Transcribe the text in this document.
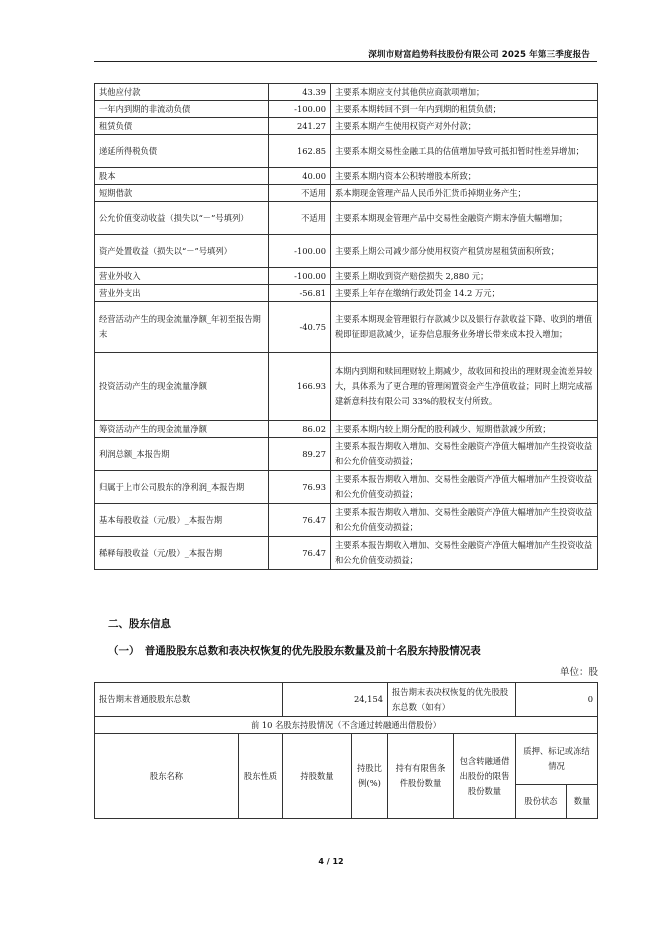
深圳市财富趋势科技股份有限公司 2025 年第三季度报告
其他应付款	43.39	主要系本期应支付其他供应商款项增加；
一年内到期的非流动负债	-100.00	主要系本期转回不到一年内到期的租赁负债；
租赁负债	241.27	主要系本期产生使用权资产对外付款；
递延所得税负债	162.85	主要系本期交易性金融工具的估值增加导致可抵扣暂时性差异增加；
股本	40.00	主要系本期内资本公积转增股本所致；
短期借款	不适用	系本期现金管理产品人民币外汇货币掉期业务产生；
公允价值变动收益（损失以“－”号填列）	不适用	主要系本期现金管理产品中交易性金融资产期末净值大幅增加；
资产处置收益（损失以“－”号填列）	-100.00	主要系上期公司减少部分使用权资产租赁房屋租赁面积所致；
营业外收入	-100.00	主要系上期收到资产赔偿损失 2,880 元；
营业外支出	-56.81	主要系上年存在缴纳行政处罚金 14.2 万元；
经营活动产生的现金流量净额_年初至报告期末	-40.75	主要系本期现金管理银行存款减少以及银行存款收益下降、收到的增值税即征即退款减少，证券信息服务业务增长带来成本投入增加；
投资活动产生的现金流量净额	166.93	本期内到期和赎回理财较上期减少，故收回和投出的理财现金流差异较大，具体系为了更合理的管理闲置资金产生净值收益；同时上期完成福建新意科技有限公司 33%的股权支付所致。
筹资活动产生的现金流量净额	86.02	主要系本期内较上期分配的股利减少、短期借款减少所致；
利润总额_本报告期	89.27	主要系本报告期收入增加、交易性金融资产净值大幅增加产生投资收益和公允价值变动损益；
归属于上市公司股东的净利润_本报告期	76.93	主要系本报告期收入增加、交易性金融资产净值大幅增加产生投资收益和公允价值变动损益；
基本每股收益（元/股）_本报告期	76.47	主要系本报告期收入增加、交易性金融资产净值大幅增加产生投资收益和公允价值变动损益；
稀释每股收益（元/股）_本报告期	76.47	主要系本报告期收入增加、交易性金融资产净值大幅增加产生投资收益和公允价值变动损益；
二、股东信息
（一）　普通股股东总数和表决权恢复的优先股股东数量及前十名股东持股情况表
单位：股
报告期末普通股股东总数		24,154		报告期末表决权恢复的优先股股东总数（如有）		0	
前 10 名股东持股情况（不含通过转融通出借股份）							
股东名称	股东性质	持股数量	持股比例(%)	持有有限售条件股份数量	包含转融通借出股份的限售股份数量	质押、标记或冻结情况	
						股份状态	数量
4 / 12
